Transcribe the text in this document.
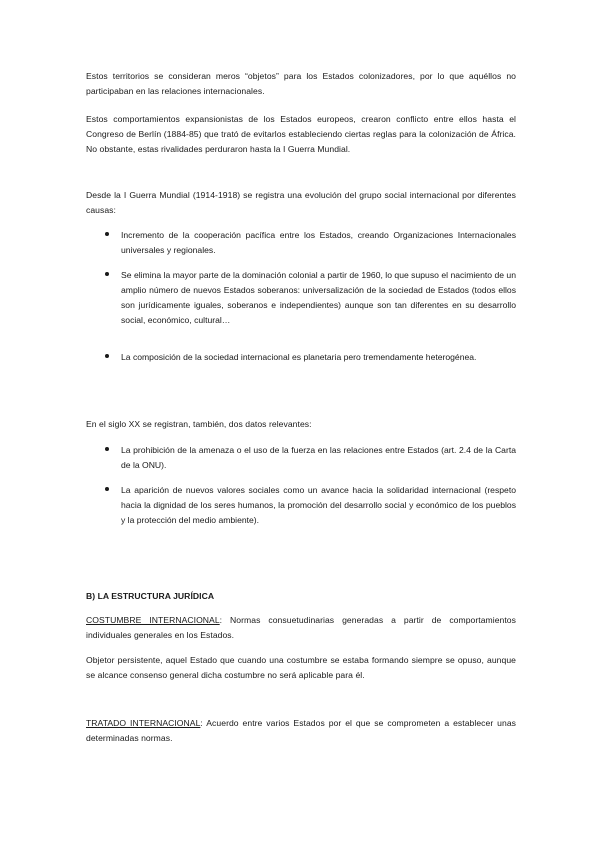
Estos territorios se consideran meros “objetos” para los Estados colonizadores, por lo que aquéllos no participaban en las relaciones internacionales.

Estos comportamientos expansionistas de los Estados europeos, crearon conflicto entre ellos hasta el Congreso de Berlín (1884-85) que trató de evitarlos estableciendo ciertas reglas para la colonización de África. No obstante, estas rivalidades perduraron hasta la I Guerra Mundial.

Desde la I Guerra Mundial (1914-1918) se registra una evolución del grupo social internacional por diferentes causas:

Incremento de la cooperación pacífica entre los Estados, creando Organizaciones Internacionales universales y regionales.

Se elimina la mayor parte de la dominación colonial a partir de 1960, lo que supuso el nacimiento de un amplio número de nuevos Estados soberanos: universalización de la sociedad de Estados (todos ellos son jurídicamente iguales, soberanos e independientes) aunque son tan diferentes en su desarrollo social, económico, cultural…

La composición de la sociedad internacional es planetaria pero tremendamente heterogénea.

En el siglo XX se registran, también, dos datos relevantes:

La prohibición de la amenaza o el uso de la fuerza en las relaciones entre Estados (art. 2.4 de la Carta de la ONU).

La aparición de nuevos valores sociales como un avance hacia la solidaridad internacional (respeto hacia la dignidad de los seres humanos, la promoción del desarrollo social y económico de los pueblos y la protección del medio ambiente).

B) LA ESTRUCTURA JURÍDICA

COSTUMBRE INTERNACIONAL: Normas consuetudinarias generadas a partir de comportamientos individuales generales en los Estados.

Objetor persistente, aquel Estado que cuando una costumbre se estaba formando siempre se opuso, aunque se alcance consenso general dicha costumbre no será aplicable para él.

TRATADO INTERNACIONAL: Acuerdo entre varios Estados por el que se comprometen a establecer unas determinadas normas.
